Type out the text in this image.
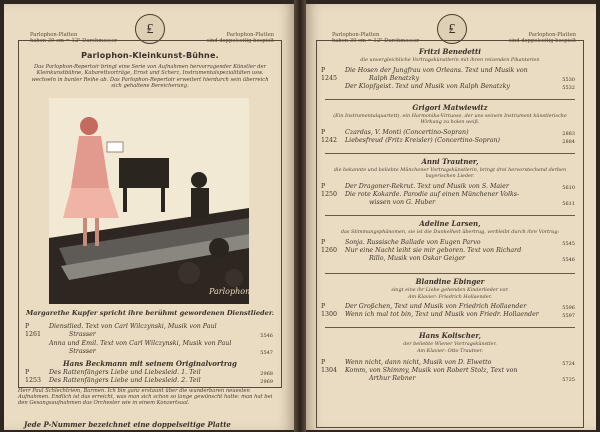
Parlophon-Platten
haben 30 cm = 12" Durchmesser
₤	Parlophon-Platten
sind doppelseitig bespielt
Parlophon-Kleinkunst-Bühne.
Das Parlophon-Repertoir bringt eine Serie von Aufnahmen hervorragender Künstler der Kleinkunstbühne, Kabarettvorträge, Ernst und Scherz, Instrumentalspezialitäten usw. wechseln in bunter Reihe ab. Das Parlophon-Repertoir erweitert hierdurch sein überreich sich gehaltene Bereicherung.
Parlophon
Margarethe Kupfer spricht ihre berühmt gewordenen Dienstlieder.
P 1261
Dienstlied. Text von Carl Wilczynski, Musik von Paul
Strasser	5546
Anna und Emil. Text von Carl Wilczynski, Musik von Paul
Strasser	5547
Hans Beckmann mit seinem Originalvortrag
P 1253
Des Rattenfängers Liebe und Liebesleid. 1. Teil	2968
Des Rattenfängers Liebe und Liebesleid. 2. Teil	2969
Herr Paul Schlechtriem, Barmen. Ich bin ganz erstaunt über die wunderbaren neuesten Aufnahmen. Endlich ist das erreicht, was man sich schon so lange gewünscht hatte: man hat bei den Gesangsaufnahmen das Orchester wie in einem Konzertsaal.
Jede P-Nummer bezeichnet eine doppelseitige Platte
Parlophon-Platten
haben 30 cm = 12" Durchmesser
₤	Parlophon-Platten
sind doppelseitig bespielt
Fritzi Benedetti
die unvergleichliche Vortragskünstlerin mit ihren reizenden Pikanterien
P 1245
Die Hosen der Jungfrau von Orleans. Text und Musik von
Ralph Benatzky	5530
Der Klopfgeist. Text und Musik von Ralph Benatzky	5532
Grigori Matwiewitz
(Ein Instrumentalquartett), ein Harmonika-Virtuose, der uns seinem Instrument künstlerische Wirkung zu holen weiß.
P 1242
Czardas, V. Monti (Concertino-Sopran)	2883
Liebesfreud (Fritz Kreisler) (Concertino-Sopran)	2884
Anni Trautner,
die bekannte und beliebte Münchener Vortragskünstlerin, bringt drei hervorstechend derben bayerischen Lieder.
P 1250
Der Dragoner-Rekrut. Text und Musik von S. Maier	5610
Die rote Kokarde. Parodie auf einen Münchener Volks-
wissen von G. Huber	5611
Adeline Larsen,
das Stimmungsphänomen, sie ist die Dunkelheit übertrug, verbleibt durch ihre Vortrag:
P 1260
Sonja. Russische Ballade von Eugen Parvo	5545
Nur eine Nacht leiht sie mir geboren. Text von Richard
Rillo, Musik von Oskar Geiger	5546
Blandine Ebinger
singt eine ihr Liebe gehenden Kinderlieder vor.
Am Klavier: Friedrich Hollaender.
P 1300
Der Großchen, Text und Musik von Friedrich Hollaender	5596
Wenn ich mal tot bin, Text und Musik von Friedr. Hollaender	5597
Hans Kolischer,
der beliebte Wiener Vortragskünstler.
Am Klavier: Otto Trautner.
P 1304
Wenn nicht, dann nicht, Musik von D. Elwetto	5724
Komm, von Shimmy, Musik von Robert Stolz, Text von
Arthur Rebner	5725
